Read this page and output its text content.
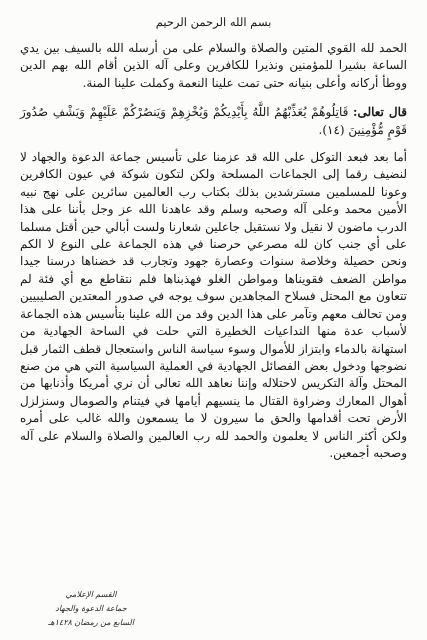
بسم الله الرحمن الرحيم

الحمد لله القوي المتين والصلاة والسلام على من أرسله الله بالسيف بين يدي الساعة بشيرا للمؤمنين ونذيرا للكافرين وعلى آله الذين أقام الله بهم الدين ووطأ أركانه وأعلى بنيانه حتى تمت علينا النعمة وكملت علينا المنة.

قال تعالى: قَاتِلُوهُمْ يُعَذِّبْهُمُ اللَّهُ بِأَيْدِيكُمْ وَيُخْزِهِمْ وَيَنصُرْكُمْ عَلَيْهِمْ وَيَشْفِ صُدُورَ قَوْمٍ مُّؤْمِنِينَ (١٤).

أما بعد فبعد التوكل على الله قد عزمنا على تأسيس جماعة الدعوة والجهاد لا لنضيف رقما إلى الجماعات المسلحة ولكن لتكون شوكة في عيون الكافرين وعونا للمسلمين مسترشدين بذلك بكتاب رب العالمين سائرين على نهج نبيه الأمين محمد وعلى آله وصحبه وسلم وقد عاهدنا الله عز وجل بأننا على هذا الدرب ماضون لا نقيل ولا نستقيل جاعلين شعارنا ولست أبالي حين أقتل مسلما على أي جنب كان لله مصرعي حرصنا في هذه الجماعة على النوع لا الكم ونحن حصيلة وخلاصة سنوات وعصارة جهود وتجارب قد خضناها درسنا جيدا مواطن الضعف فقويناها ومواطن الغلو فهذبناها فلم نتقاطع مع أي فئة لم تتعاون مع المحتل فسلاح المجاهدين سوف يوجه في صدور المعتدين الصليبيين ومن تحالف معهم وتآمر على هذا الدين وقد من الله علينا بتأسيس هذه الجماعة لأسباب عدة منها التداعيات الخطيرة التي حلت في الساحة الجهادية من استهانة بالدماء وابتزاز للأموال وسوء سياسة الناس واستعجال قطف الثمار قبل نضوجها ودخول بعض الفصائل الجهادية في العملية السياسية التي هي من صنع المحتل وآلة التكريس لاحتلاله وإننا نعاهد الله تعالى أن نري أمريكا وأذنابها من أهوال المعارك وضراوة القتال ما ينسيهم أيامها في فيتنام والصومال وسنزلزل الأرض تحت أقدامها والحق ما سيرون لا ما يسمعون والله غالب على أمره ولكن أكثر الناس لا يعلمون والحمد لله رب العالمين والصلاة والسلام على آله وصحبه أجمعين.

القسم الإعلامي
جماعة الدعوة والجهاد
السابع من رمضان ١٤٢٨هـ
